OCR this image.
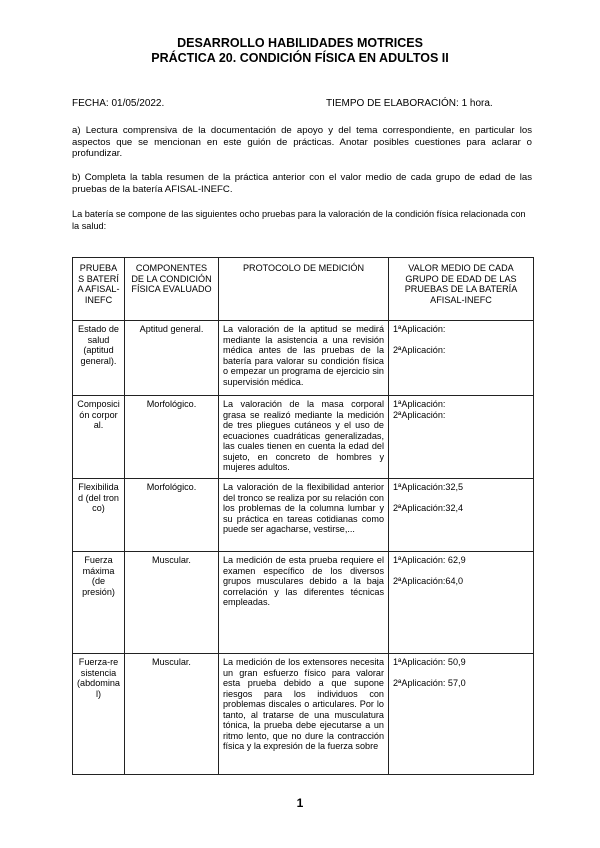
DESARROLLO HABILIDADES MOTRICES
PRÁCTICA 20. CONDICIÓN FÍSICA EN ADULTOS II
FECHA: 01/05/2022.	TIEMPO DE ELABORACIÓN: 1 hora.
a) Lectura comprensiva de la documentación de apoyo y del tema correspondiente, en particular los aspectos que se mencionan en este guión de prácticas. Anotar posibles cuestiones para aclarar o profundizar.
b) Completa la tabla resumen de la práctica anterior con el valor medio de cada grupo de edad de las pruebas de la batería AFISAL-INEFC.
La batería se compone de las siguientes ocho pruebas para la valoración de la condición física relacionada con la salud:
PRUEBAS BATERÍA AFISAL-INEFC	COMPONENTES DE LA CONDICIÓN FÍSICA EVALUADO	PROTOCOLO DE MEDICIÓN	VALOR MEDIO DE CADA GRUPO DE EDAD DE LAS PRUEBAS DE LA BATERÍA AFISAL-INEFC
Estado de salud (aptitud general).	Aptitud general.	La valoración de la aptitud se medirá mediante la asistencia a una revisión médica antes de las pruebas de la batería para valorar su condición física o empezar un programa de ejercicio sin supervisión médica.	1ªAplicación:

2ªAplicación:

Composición corporal.	Morfológico.	La valoración de la masa corporal grasa se realizó mediante la medición de tres pliegues cutáneos y el uso de ecuaciones cuadráticas generalizadas, las cuales tienen en cuenta la edad del sujeto, en concreto de hombres y mujeres adultos.	1ªAplicación:

2ªAplicación:

Flexibilidad (del tronco)	Morfológico.	La valoración de la flexibilidad anterior del tronco se realiza por su relación con los problemas de la columna lumbar y su práctica en tareas cotidianas como puede ser agacharse, vestirse,...	1ªAplicación:32,5

2ªAplicación:32,4

Fuerza máxima (de presión)	Muscular.	La medición de esta prueba requiere el examen específico de los diversos grupos musculares debido a la baja correlación y las diferentes técnicas empleadas.	1ªAplicación: 62,9

2ªAplicación:64,0

Fuerza-resistencia (abdominal)	Muscular.	La medición de los extensores necesita un gran esfuerzo físico para valorar esta prueba debido a que supone riesgos para los individuos con problemas discales o articulares. Por lo tanto, al tratarse de una musculatura tónica, la prueba debe ejecutarse a un ritmo lento, que no dure la contracción física y la expresión de la fuerza sobre	1ªAplicación: 50,9

2ªAplicación: 57,0

1
